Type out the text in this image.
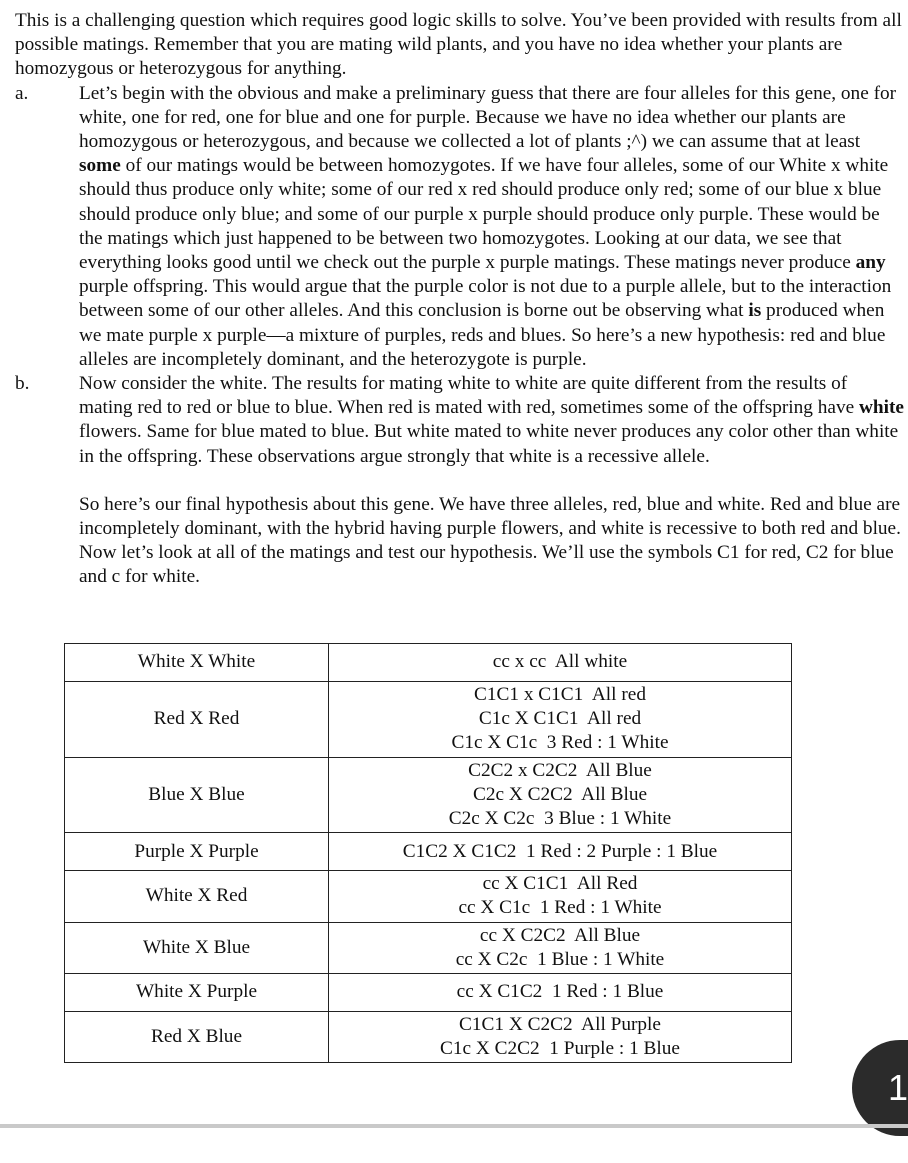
This is a challenging question which requires good logic skills to solve. You’ve been provided with results from all possible matings. Remember that you are mating wild plants, and you have no idea whether your plants are homozygous or heterozygous for anything.

a.	Let’s begin with the obvious and make a preliminary guess that there are four alleles for this gene, one for white, one for red, one for blue and one for purple. Because we have no idea whether our plants are homozygous or heterozygous, and because we collected a lot of plants ;^) we can assume that at least some of our matings would be between homozygotes. If we have four alleles, some of our White x white should thus produce only white; some of our red x red should produce only red; some of our blue x blue should produce only blue; and some of our purple x purple should produce only purple. These would be the matings which just happened to be between two homozygotes. Looking at our data, we see that everything looks good until we check out the purple x purple matings. These matings never produce any purple offspring. This would argue that the purple color is not due to a purple allele, but to the interaction between some of our other alleles. And this conclusion is borne out be observing what is produced when we mate purple x purple—a mixture of purples, reds and blues. So here’s a new hypothesis: red and blue alleles are incompletely dominant, and the heterozygote is purple.
b.	Now consider the white. The results for mating white to white are quite different from the results of mating red to red or blue to blue. When red is mated with red, sometimes some of the offspring have white flowers. Same for blue mated to blue. But white mated to white never produces any color other than white in the offspring. These observations argue strongly that white is a recessive allele.
So here’s our final hypothesis about this gene. We have three alleles, red, blue and white. Red and blue are incompletely dominant, with the hybrid having purple flowers, and white is recessive to both red and blue. Now let’s look at all of the matings and test our hypothesis. We’ll use the symbols C1 for red, C2 for blue and c for white.
White X White	cc x cc  All white

Red X Red	C1C1 x C1C1  All red
C1c X C1C1  All red
C1c X C1c  3 Red : 1 White

Blue X Blue	C2C2 x C2C2  All Blue
C2c X C2C2  All Blue
C2c X C2c  3 Blue : 1 White

Purple X Purple	C1C2 X C1C2  1 Red : 2 Purple : 1 Blue

White X Red	cc X C1C1  All Red
cc X C1c  1 Red : 1 White

White X Blue	cc X C2C2  All Blue
cc X C2c  1 Blue : 1 White

White X Purple	cc X C1C2  1 Red : 1 Blue

Red X Blue	C1C1 X C2C2  All Purple
C1c X C2C2  1 Purple : 1 Blue
1
